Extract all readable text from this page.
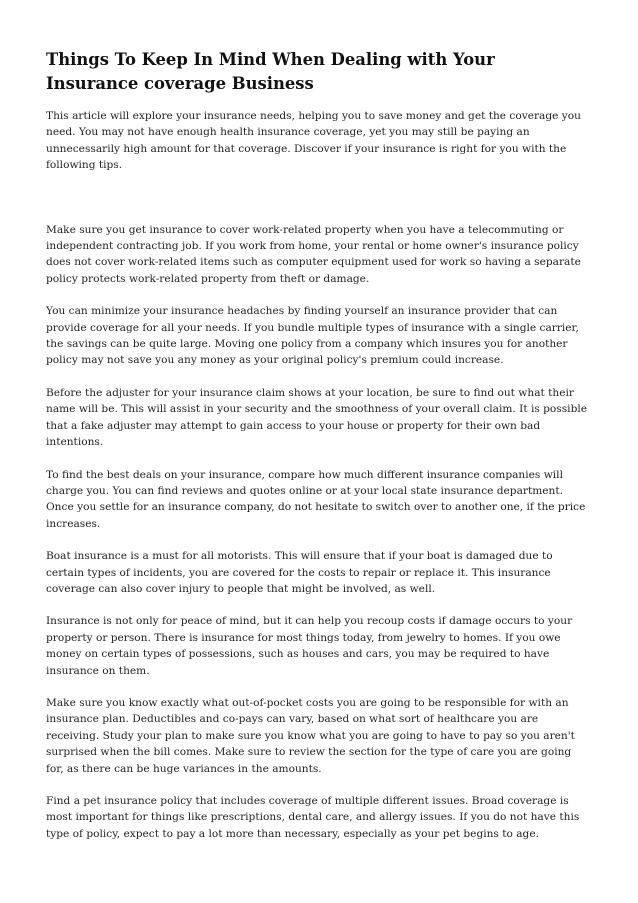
Things To Keep In Mind When Dealing with Your Insurance coverage Business

This article will explore your insurance needs, helping you to save money and get the coverage you need. You may not have enough health insurance coverage, yet you may still be paying an unnecessarily high amount for that coverage. Discover if your insurance is right for you with the following tips.

Make sure you get insurance to cover work-related property when you have a telecommuting or independent contracting job. If you work from home, your rental or home owner's insurance policy does not cover work-related items such as computer equipment used for work so having a separate policy protects work-related property from theft or damage.

You can minimize your insurance headaches by finding yourself an insurance provider that can provide coverage for all your needs. If you bundle multiple types of insurance with a single carrier, the savings can be quite large. Moving one policy from a company which insures you for another policy may not save you any money as your original policy's premium could increase.

Before the adjuster for your insurance claim shows at your location, be sure to find out what their name will be. This will assist in your security and the smoothness of your overall claim. It is possible that a fake adjuster may attempt to gain access to your house or property for their own bad intentions.

To find the best deals on your insurance, compare how much different insurance companies will charge you. You can find reviews and quotes online or at your local state insurance department. Once you settle for an insurance company, do not hesitate to switch over to another one, if the price increases.

Boat insurance is a must for all motorists. This will ensure that if your boat is damaged due to certain types of incidents, you are covered for the costs to repair or replace it. This insurance coverage can also cover injury to people that might be involved, as well.

Insurance is not only for peace of mind, but it can help you recoup costs if damage occurs to your property or person. There is insurance for most things today, from jewelry to homes. If you owe money on certain types of possessions, such as houses and cars, you may be required to have insurance on them.

Make sure you know exactly what out-of-pocket costs you are going to be responsible for with an insurance plan. Deductibles and co-pays can vary, based on what sort of healthcare you are receiving. Study your plan to make sure you know what you are going to have to pay so you aren't surprised when the bill comes. Make sure to review the section for the type of care you are going for, as there can be huge variances in the amounts.

Find a pet insurance policy that includes coverage of multiple different issues. Broad coverage is most important for things like prescriptions, dental care, and allergy issues. If you do not have this type of policy, expect to pay a lot more than necessary, especially as your pet begins to age.
